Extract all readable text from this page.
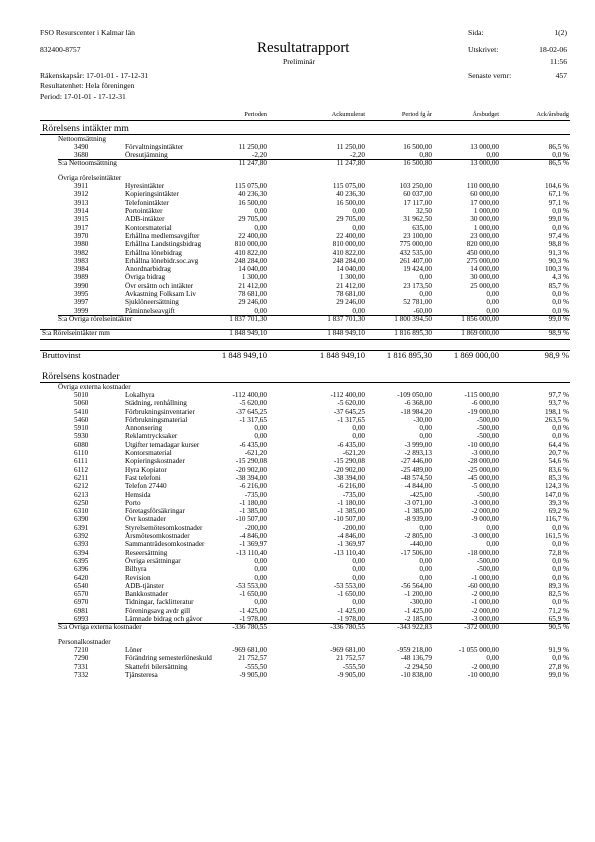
FSO Resurscenter i Kalmar län
832400-8757	Resultatrapport
Preliminär
Sida:	1(2)
Utskrivet:	18-02-06
11:56
Räkenskapsår: 17-01-01 - 17-12-31
Resultatenhet: Hela föreningen
Period: 17-01-01 - 17-12-31
Senaste vernr:	457
Perioden	Ackumulerat	Period fg år	Årsbudget	Ack/årsbudg
Rörelsens intäkter mm
Nettoomsättning
3490	Förvaltningsintäkter	11 250,00	11 250,00	16 500,00	13 000,00	86,5 %
3680	Öresutjämning	-2,20	-2,20	0,80	0,00	0,0 %
S:a Nettoomsättning	11 247,80	11 247,80	16 500,80	13 000,00	86,5 %
Övriga rörelseintäkter
3911	Hyresintäkter	115 075,00	115 075,00	103 250,00	110 000,00	104,6 %
3912	Kopieringsintäkter	40 236,30	40 236,30	60 037,00	60 000,00	67,1 %
3913	Telefonintäkter	16 500,00	16 500,00	17 117,00	17 000,00	97,1 %
3914	Portointäkter	0,00	0,00	32,50	1 000,00	0,0 %
3915	ADB-intäkter	29 705,00	29 705,00	31 962,50	30 000,00	99,0 %
3917	Kontorsmaterial	0,00	0,00	635,00	1 000,00	0,0 %
3970	Erhållna medlemsavgifter	22 400,00	22 400,00	23 100,00	23 000,00	97,4 %
3980	Erhållna Landstingsbidrag	810 000,00	810 000,00	775 000,00	820 000,00	98,8 %
3982	Erhållna lönebidrag	410 822,00	410 822,00	432 535,00	450 000,00	91,3 %
3983	Erhållna lönebidr.soc.avg	248 284,00	248 284,00	261 407,00	275 000,00	90,3 %
3984	Anordnarbidrag	14 040,00	14 040,00	19 424,00	14 000,00	100,3 %
3989	Övriga bidrag	1 300,00	1 300,00	0,00	30 000,00	4,3 %
3990	Övr ersättn och intäkter	21 412,00	21 412,00	23 173,50	25 000,00	85,7 %
3995	Avkastning Folksam Liv	78 681,00	78 681,00	0,00	0,00	0,0 %
3997	Sjuklöneersättning	29 246,00	29 246,00	52 781,00	0,00	0,0 %
3999	Påminnelseavgift	0,00	0,00	-60,00	0,00	0,0 %
S:a Övriga rörelseintäkter	1 837 701,30	1 837 701,30	1 800 394,50	1 856 000,00	99,0 %
S:a Rörelseintäkter mm	1 848 949,10	1 848 949,10	1 816 895,30	1 869 000,00	98,9 %
Bruttovinst	1 848 949,10	1 848 949,10	1 816 895,30	1 869 000,00	98,9 %
Rörelsens kostnader
Övriga externa kostnader
5010	Lokalhyra	-112 400,00	-112 400,00	-109 050,00	-115 000,00	97,7 %
5060	Städning, renhållning	-5 620,00	-5 620,00	-6 368,00	-6 000,00	93,7 %
5410	Förbrukningsinventarier	-37 645,25	-37 645,25	-18 984,20	-19 000,00	198,1 %
5460	Förbrukningsmaterial	-1 317,65	-1 317,65	-30,00	-500,00	263,5 %
5910	Annonsering	0,00	0,00	0,00	-500,00	0,0 %
5930	Reklamtrycksaker	0,00	0,00	0,00	-500,00	0,0 %
6080	Utgifter temadagar kurser	-6 435,00	-6 435,00	-3 999,00	-10 000,00	64,4 %
6110	Kontorsmaterial	-621,20	-621,20	-2 893,13	-3 000,00	20,7 %
6111	Kopieringskostnader	-15 290,08	-15 290,08	-27 446,00	-28 000,00	54,6 %
6112	Hyra Kopiator	-20 902,00	-20 902,00	-25 489,00	-25 000,00	83,6 %
6211	Fast telefoni	-38 394,00	-38 394,00	-48 574,50	-45 000,00	85,3 %
6212	Telefon 27440	-6 216,00	-6 216,00	-4 844,00	-5 000,00	124,3 %
6213	Hemsida	-735,00	-735,00	-425,00	-500,00	147,0 %
6250	Porto	-1 180,00	-1 180,00	-3 071,00	-3 000,00	39,3 %
6310	Företagsförsäkringar	-1 385,00	-1 385,00	-1 385,00	-2 000,00	69,2 %
6390	Övr kostnader	-10 507,00	-10 507,00	-8 939,00	-9 000,00	116,7 %
6391	Styrelsemötesomkostnader	-200,00	-200,00	0,00	0,00	0,0 %
6392	Årsmötesomkostnader	-4 846,00	-4 846,00	-2 805,00	-3 000,00	161,5 %
6393	Sammanträdesomkostnader	-1 369,97	-1 369,97	-440,00	0,00	0,0 %
6394	Reseersättning	-13 110,40	-13 110,40	-17 506,00	-18 000,00	72,8 %
6395	Övriga ersättningar	0,00	0,00	0,00	-500,00	0,0 %
6396	Bilhyra	0,00	0,00	0,00	-500,00	0,0 %
6420	Revision	0,00	0,00	0,00	-1 000,00	0,0 %
6540	ADB-tjänster	-53 553,00	-53 553,00	-56 564,00	-60 000,00	89,3 %
6570	Bankkostnader	-1 650,00	-1 650,00	-1 200,00	-2 000,00	82,5 %
6970	Tidningar, facklitteratur	0,00	0,00	-300,00	-1 000,00	0,0 %
6981	Föreningsavg avdr gill	-1 425,00	-1 425,00	-1 425,00	-2 000,00	71,2 %
6993	Lämnade bidrag och gåvor	-1 978,00	-1 978,00	-2 185,00	-3 000,00	65,9 %
S:a Övriga externa kostnader	-336 780,55	-336 780,55	-343 922,83	-372 000,00	90,5 %
Personalkostnader
7210	Löner	-969 681,00	-969 681,00	-959 218,00	-1 055 000,00	91,9 %
7290	Förändring semesterlöneskuld	21 752,57	21 752,57	-48 136,79	0,00	0,0 %
7331	Skattefri bilersättning	-555,50	-555,50	-2 294,50	-2 000,00	27,8 %
7332	Tjänsteresa	-9 905,00	-9 905,00	-10 838,00	-10 000,00	99,0 %
